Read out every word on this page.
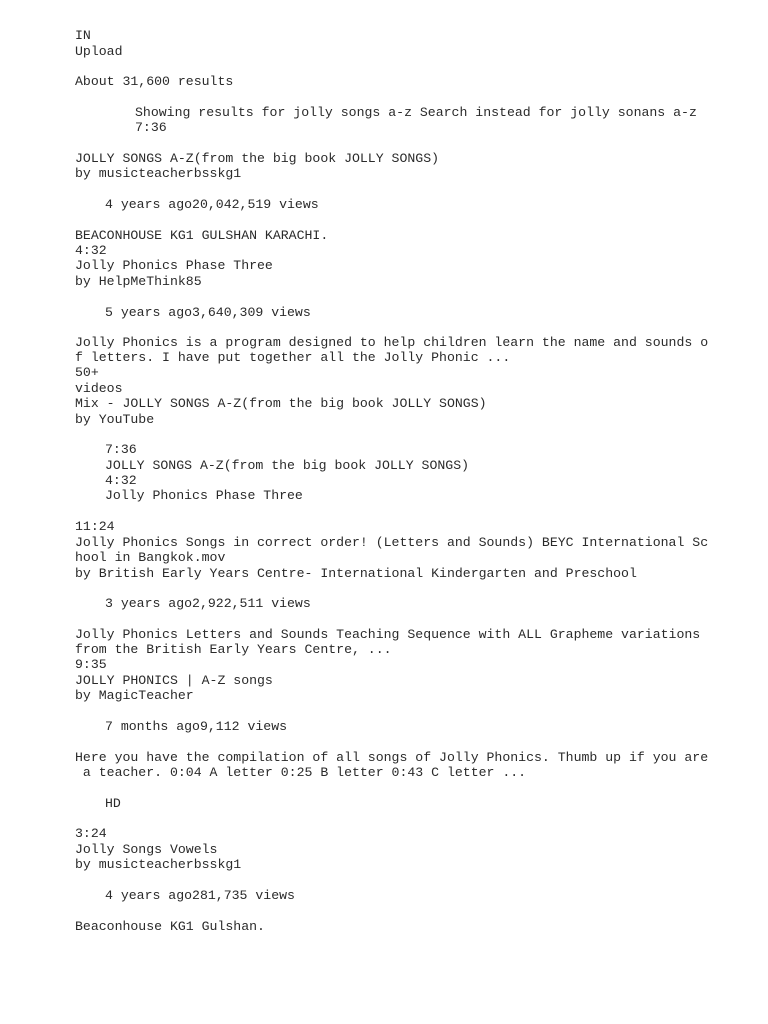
IN
Upload
About 31,600 results
Showing results for jolly songs a-z Search instead for jolly sonans a-z
7:36
JOLLY SONGS A-Z(from the big book JOLLY SONGS)
by musicteacherbsskg1
4 years ago20,042,519 views
BEACONHOUSE KG1 GULSHAN KARACHI.
4:32
Jolly Phonics Phase Three
by HelpMeThink85
5 years ago3,640,309 views
Jolly Phonics is a program designed to help children learn the name and sounds o
f letters. I have put together all the Jolly Phonic ...
50+
videos
Mix - JOLLY SONGS A-Z(from the big book JOLLY SONGS)
by YouTube
7:36
JOLLY SONGS A-Z(from the big book JOLLY SONGS)
4:32
Jolly Phonics Phase Three
11:24
Jolly Phonics Songs in correct order! (Letters and Sounds) BEYC International Sc
hool in Bangkok.mov
by British Early Years Centre- International Kindergarten and Preschool
3 years ago2,922,511 views
Jolly Phonics Letters and Sounds Teaching Sequence with ALL Grapheme variations
from the British Early Years Centre, ...
9:35
JOLLY PHONICS | A-Z songs
by MagicTeacher
7 months ago9,112 views
Here you have the compilation of all songs of Jolly Phonics. Thumb up if you are
a teacher. 0:04 A letter 0:25 B letter 0:43 C letter ...
HD
3:24
Jolly Songs Vowels
by musicteacherbsskg1
4 years ago281,735 views
Beaconhouse KG1 Gulshan.
